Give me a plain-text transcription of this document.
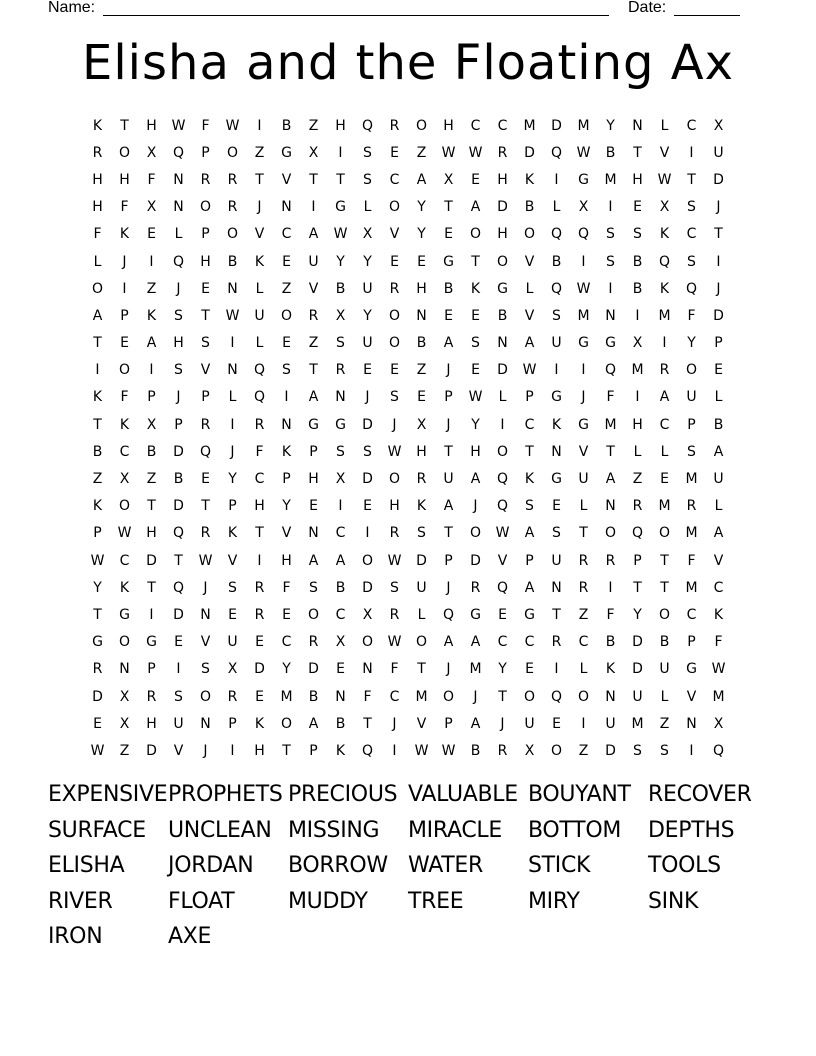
Name:	Date:
Elisha and the Floating Ax
K	T	H	W	F	W	I	B	Z	H	Q	R	O	H	C	C	M	D	M	Y	N	L	C	X
R	O	X	Q	P	O	Z	G	X	I	S	E	Z	W W	R	D	Q	W	B	T	V	I	U
H	H	F	N	R	R	T	V	T	T	S	C	A	X	E	H	K	I	G	M	H	W	T	D
H	F	X	N	O	R	J	N	I	G	L	O	Y	T	A	D	B	L	X	I	E	X	S	J
F	K	E	L	P	O	V	C	A	W	X	V	Y	E	O	H	O	Q	Q	S	S	K	C	T
L	J	I	Q	H	B	K	E	U	Y	Y	E	E	G	T	O	V	B	I	S	B	Q	S	I
O	I	Z	J	E	N	L	Z	V	B	U	R	H	B	K	G	L	Q	W	I	B	K	Q	J
A	P	K	S	T	W	U	O	R	X	Y	O	N	E	E	B	V	S	M	N	I	M	F	D
T	E	A	H	S	I	L	E	Z	S	U	O	B	A	S	N	A	U	G	G	X	I	Y	P
I	O	I	S	V	N	Q	S	T	R	E	E	Z	J	E	D	W	I	I	Q	M	R	O	E
K	F	P	J	P	L	Q	I	A	N	J	S	E	P	W	L	P	G	J	F	I	A	U	L
T	K	X	P	R	I	R	N	G	G	D	J	X	J	Y	I	C	K	G	M	H	C	P	B
B	C	B	D	Q	J	F	K	P	S	S	W	H	T	H	O	T	N	V	T	L	L	S	A
Z	X	Z	B	E	Y	C	P	H	X	D	O	R	U	A	Q	K	G	U	A	Z	E	M	U
K	O	T	D	T	P	H	Y	E	I	E	H	K	A	J	Q	S	E	L	N	R	M	R	L
P	W	H	Q	R	K	T	V	N	C	I	R	S	T	O	W	A	S	T	O	Q	O	M	A
W	C	D	T	W	V	I	H	A	A	O	W	D	P	D	V	P	U	R	R	P	T	F	V
Y	K	T	Q	J	S	R	F	S	B	D	S	U	J	R	Q	A	N	R	I	T	T	M	C
T	G	I	D	N	E	R	E	O	C	X	R	L	Q	G	E	G	T	Z	F	Y	O	C	K
G	O	G	E	V	U	E	C	R	X	O	W	O	A	A	C	C	R	C	B	D	B	P	F
R	N	P	I	S	X	D	Y	D	E	N	F	T	J	M	Y	E	I	L	K	D	U	G	W
D	X	R	S	O	R	E	M	B	N	F	C	M	O	J	T	O	Q	O	N	U	L	V	M
E	X	H	U	N	P	K	O	A	B	T	J	V	P	A	J	U	E	I	U	M	Z	N	X
W	Z	D	V	J	I	H	T	P	K	Q	I	W W	B	R	X	O	Z	D	S	S	I	Q
EXPENSIVE PROPHETS PRECIOUS VALUABLE BOUYANT RECOVER
SURFACE	UNCLEAN MISSING	MIRACLE	BOTTOM	DEPTHS
ELISHA	JORDAN	BORROW WATER	STICK	TOOLS
RIVER	FLOAT	MUDDY	TREE	MIRY	SINK
IRON	AXE
